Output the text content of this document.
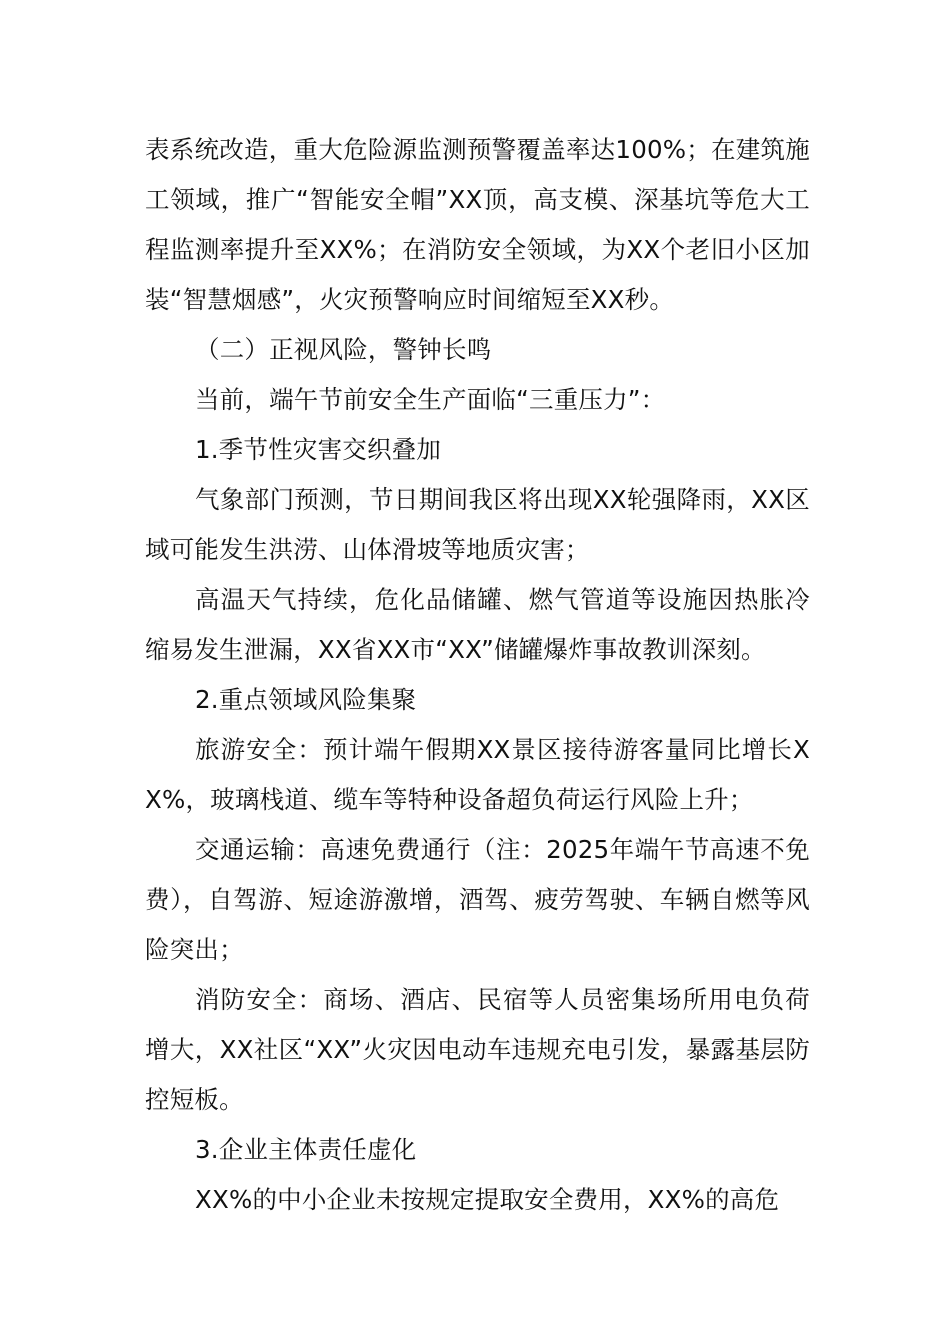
表系统改造，重大危险源监测预警覆盖率达100%；在建筑施工领域，推广“智能安全帽”XX顶，高支模、深基坑等危大工程监测率提升至XX%；在消防安全领域，为XX个老旧小区加装“智慧烟感”，火灾预警响应时间缩短至XX秒。

（二）正视风险，警钟长鸣

当前，端午节前安全生产面临“三重压力”：

1.季节性灾害交织叠加

气象部门预测，节日期间我区将出现XX轮强降雨，XX区域可能发生洪涝、山体滑坡等地质灾害；

高温天气持续，危化品储罐、燃气管道等设施因热胀冷缩易发生泄漏，XX省XX市“XX”储罐爆炸事故教训深刻。

2.重点领域风险集聚

旅游安全：预计端午假期XX景区接待游客量同比增长XX%，玻璃栈道、缆车等特种设备超负荷运行风险上升；

交通运输：高速免费通行（注：2025年端午节高速不免费），自驾游、短途游激增，酒驾、疲劳驾驶、车辆自燃等风险突出；

消防安全：商场、酒店、民宿等人员密集场所用电负荷增大，XX社区“XX”火灾因电动车违规充电引发，暴露基层防控短板。

3.企业主体责任虚化

XX%的中小企业未按规定提取安全费用，XX%的高危
